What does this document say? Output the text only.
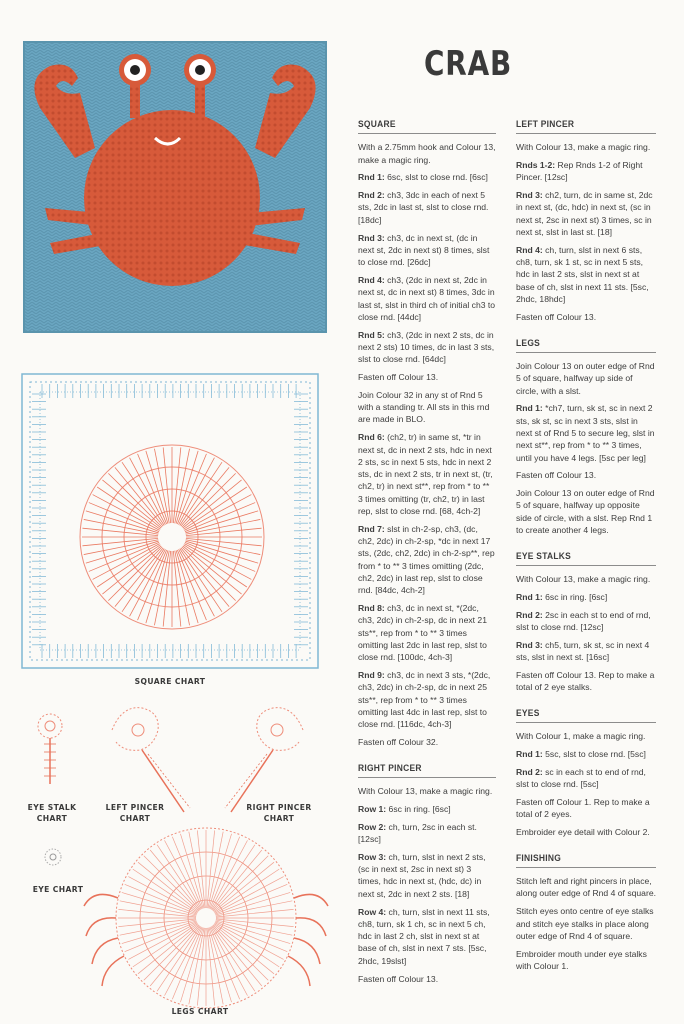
CRAB
SQUARE CHART
EYE STALK
CHART
LEFT PINCER
CHART
RIGHT PINCER
CHART
EYE CHART
LEGS CHART
SQUARE
With a 2.75mm hook and Colour 13, make a magic ring.
Rnd 1: 6sc, slst to close rnd. [6sc]
Rnd 2: ch3, 3dc in each of next 5 sts, 2dc in last st, slst to close rnd. [18dc]
Rnd 3: ch3, dc in next st, (dc in next st, 2dc in next st) 8 times, slst to close rnd. [26dc]
Rnd 4: ch3, (2dc in next st, 2dc in next st, dc in next st) 8 times, 3dc in last st, slst in third ch of initial ch3 to close rnd. [44dc]
Rnd 5: ch3, (2dc in next 2 sts, dc in next 2 sts) 10 times, dc in last 3 sts, slst to close rnd. [64dc]
Fasten off Colour 13.
Join Colour 32 in any st of Rnd 5 with a standing tr. All sts in this rnd are made in BLO.
Rnd 6: (ch2, tr) in same st, *tr in next st, dc in next 2 sts, hdc in next 2 sts, sc in next 5 sts, hdc in next 2 sts, dc in next 2 sts, tr in next st, (tr, ch2, tr) in next st**, rep from * to ** 3 times omitting (tr, ch2, tr) in last rep, slst to close rnd. [68, 4ch-2]
Rnd 7: slst in ch-2-sp, ch3, (dc, ch2, 2dc) in ch-2-sp, *dc in next 17 sts, (2dc, ch2, 2dc) in ch-2-sp**, rep from * to ** 3 times omitting (2dc, ch2, 2dc) in last rep, slst to close rnd. [84dc, 4ch-2]
Rnd 8: ch3, dc in next st, *(2dc, ch3, 2dc) in ch-2-sp, dc in next 21 sts**, rep from * to ** 3 times omitting last 2dc in last rep, slst to close rnd. [100dc, 4ch-3]
Rnd 9: ch3, dc in next 3 sts, *(2dc, ch3, 2dc) in ch-2-sp, dc in next 25 sts**, rep from * to ** 3 times omitting last 4dc in last rep, slst to close rnd. [116dc, 4ch-3]
Fasten off Colour 32.
RIGHT PINCER
With Colour 13, make a magic ring.
Row 1: 6sc in ring. [6sc]
Row 2: ch, turn, 2sc in each st. [12sc]
Row 3: ch, turn, slst in next 2 sts, (sc in next st, 2sc in next st) 3 times, hdc in next st, (hdc, dc) in next st, 2dc in next 2 sts. [18]
Row 4: ch, turn, slst in next 11 sts, ch8, turn, sk 1 ch, sc in next 5 ch, hdc in last 2 ch, slst in next st at base of ch, slst in next 7 sts. [5sc, 2hdc, 19slst]
Fasten off Colour 13.
LEFT PINCER
With Colour 13, make a magic ring.
Rnds 1-2: Rep Rnds 1-2 of Right Pincer. [12sc]
Rnd 3: ch2, turn, dc in same st, 2dc in next st, (dc, hdc) in next st, (sc in next st, 2sc in next st) 3 times, sc in next st, slst in last st. [18]
Rnd 4: ch, turn, slst in next 6 sts, ch8, turn, sk 1 st, sc in next 5 sts, hdc in last 2 sts, slst in next st at base of ch, slst in next 11 sts. [5sc, 2hdc, 18hdc]
Fasten off Colour 13.
LEGS
Join Colour 13 on outer edge of Rnd 5 of square, halfway up side of circle, with a slst.
Rnd 1: *ch7, turn, sk st, sc in next 2 sts, sk st, sc in next 3 sts, slst in next st of Rnd 5 to secure leg, slst in next st**, rep from * to ** 3 times, until you have 4 legs. [5sc per leg]
Fasten off Colour 13.
Join Colour 13 on outer edge of Rnd 5 of square, halfway up opposite side of circle, with a slst. Rep Rnd 1 to create another 4 legs.
EYE STALKS
With Colour 13, make a magic ring.
Rnd 1: 6sc in ring. [6sc]
Rnd 2: 2sc in each st to end of rnd, slst to close rnd. [12sc]
Rnd 3: ch5, turn, sk st, sc in next 4 sts, slst in next st. [16sc]
Fasten off Colour 13. Rep to make a total of 2 eye stalks.
EYES
With Colour 1, make a magic ring.
Rnd 1: 5sc, slst to close rnd. [5sc]
Rnd 2: sc in each st to end of rnd, slst to close rnd. [5sc]
Fasten off Colour 1. Rep to make a total of 2 eyes.
Embroider eye detail with Colour 2.
FINISHING
Stitch left and right pincers in place, along outer edge of Rnd 4 of square.
Stitch eyes onto centre of eye stalks and stitch eye stalks in place along outer edge of Rnd 4 of square.
Embroider mouth under eye stalks with Colour 1.
